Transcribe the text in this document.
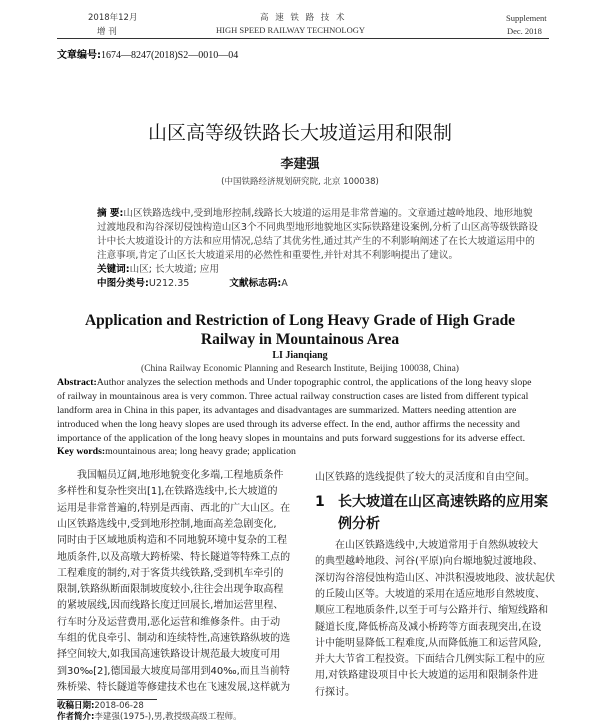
2018年12月
增 刊
高 速 铁 路 技 术
HIGH SPEED RAILWAY TECHNOLOGY
Supplement
Dec. 2018
文章编号:1674—8247(2018)S2—0010—04
山区高等级铁路长大坡道运用和限制
李建强
(中国铁路经济规划研究院, 北京 100038)
摘 要:山区铁路选线中,受到地形控制,线路长大坡道的运用是非常普遍的。文章通过越岭地段、地形地貌
过渡地段和沟谷深切侵蚀构造山区3个不同典型地形地貌地区实际铁路建设案例,分析了山区高等级铁路设
计中长大坡道设计的方法和应用情况,总结了其优劣性,通过其产生的不利影响阐述了在长大坡道运用中的
注意事项,肯定了山区长大坡道采用的必然性和重要性,并针对其不利影响提出了建议。
关键词:山区; 长大坡道; 应用
中图分类号:U212.35	文献标志码:A
Application and Restriction of Long Heavy Grade of High Grade
Railway in Mountainous Area
LI Jianqiang
(China Railway Economic Planning and Research Institute, Beijing 100038, China)
Abstract:Author analyzes the selection methods and Under topographic control, the applications of the long heavy slope
of railway in mountainous area is very common. Three actual railway construction cases are listed from different typical
landform area in China in this paper, its advantages and disadvantages are summarized. Matters needing attention are
introduced when the long heavy slopes are used through its adverse effect. In the end, author affirms the necessity and
importance of the application of the long heavy slopes in mountains and puts forward suggestions for its adverse effect.
Key words:mountainous area; long heavy grade; application
　　我国幅员辽阔,地形地貌变化多端,工程地质条件
多样性和复杂性突出[1],在铁路选线中,长大坡道的
运用是非常普遍的,特别是西南、西北的广大山区。在
山区铁路选线中,受到地形控制,地面高差急剧变化,
同时由于区域地质构造和不同地貌环境中复杂的工程
地质条件,以及高墩大跨桥梁、特长隧道等特殊工点的
工程难度的制约,对于客货共线铁路,受到机车牵引的
限制,铁路纵断面限制坡度较小,往往会出现争取高程
的紧坡展线,因而线路长度迂回展长,增加运营里程、
行车时分及运营费用,恶化运营和维修条件。由于动
车组的优良牵引、制动和连续特性,高速铁路纵坡的选
择空间较大,如我国高速铁路设计规范最大坡度可用
到30‰[2],德国最大坡度局部用到40‰,而且当前特
殊桥梁、特长隧道等修建技术也在飞速发展,这样就为
山区铁路的选线提供了较大的灵活度和自由空间。
1 长大坡道在山区高速铁路的应用案
例分析
　　在山区铁路选线中,大坡道常用于自然纵坡较大
的典型越岭地段、河谷(平原)向台塬地貌过渡地段、
深切沟谷溶侵蚀构造山区、冲洪积漫坡地段、波状起伏
的丘陵山区等。大坡道的采用在适应地形自然坡度、
顺应工程地质条件,以至于可与公路并行、缩短线路和
隧道长度,降低桥高及减小桥跨等方面表现突出,在设
计中能明显降低工程难度,从而降低施工和运营风险,
并大大节省工程投资。下面结合几例实际工程中的应
用,对铁路建设项目中长大坡道的运用和限制条件进
行探讨。
收稿日期:2018-06-28
作者简介:李建强(1975-),男,教授级高级工程师。
